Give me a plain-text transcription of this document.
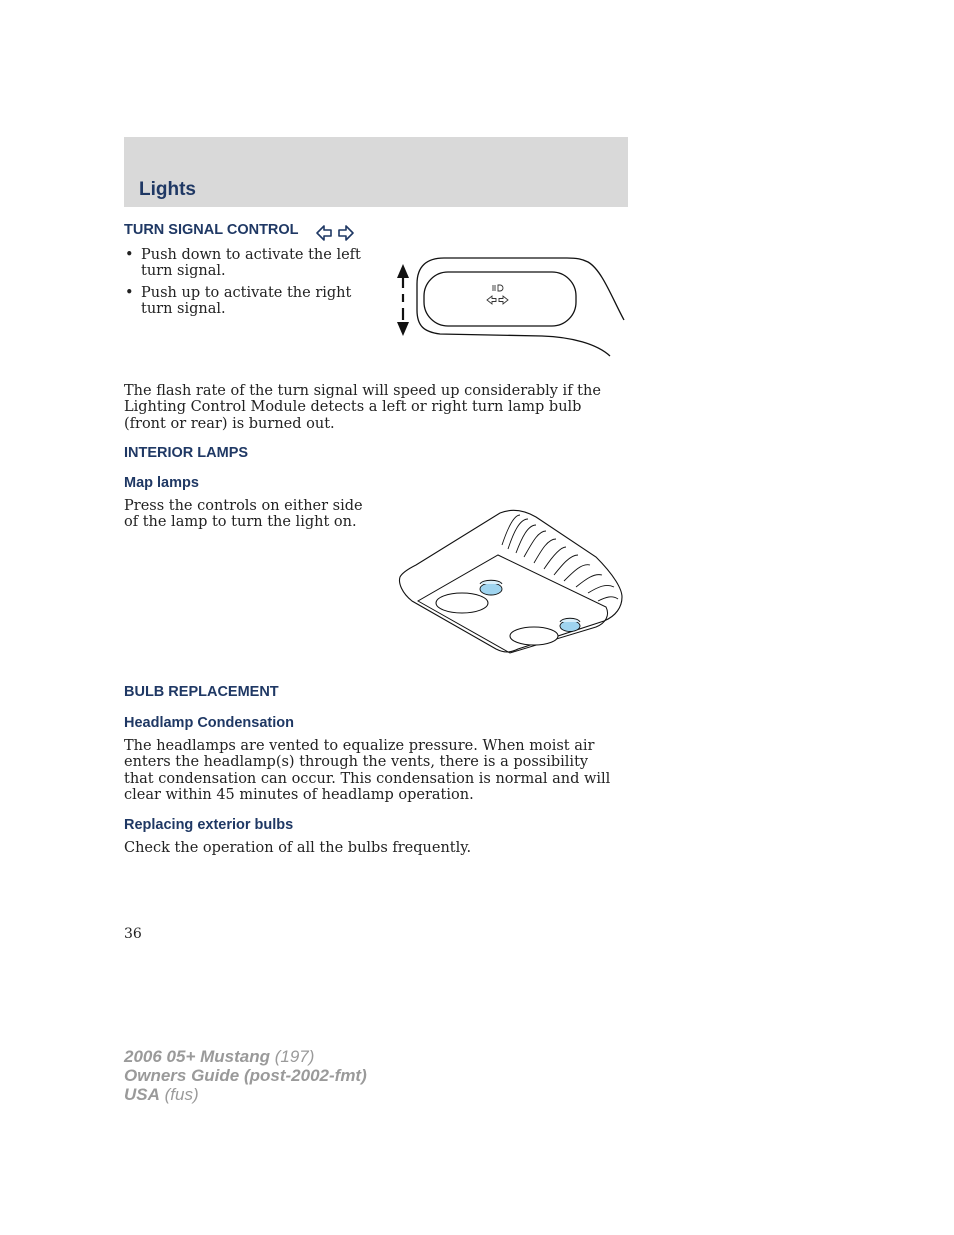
Lights
TURN SIGNAL CONTROL
• Push down to activate the left turn signal.
• Push up to activate the right turn signal.
The flash rate of the turn signal will speed up considerably if the Lighting Control Module detects a left or right turn lamp bulb (front or rear) is burned out.
INTERIOR LAMPS
Map lamps
Press the controls on either side of the lamp to turn the light on.
BULB REPLACEMENT
Headlamp Condensation
The headlamps are vented to equalize pressure. When moist air enters the headlamp(s) through the vents, there is a possibility that condensation can occur. This condensation is normal and will clear within 45 minutes of headlamp operation.
Replacing exterior bulbs
Check the operation of all the bulbs frequently.
36
2006 05+ Mustang (197)
Owners Guide (post-2002-fmt)
USA (fus)
